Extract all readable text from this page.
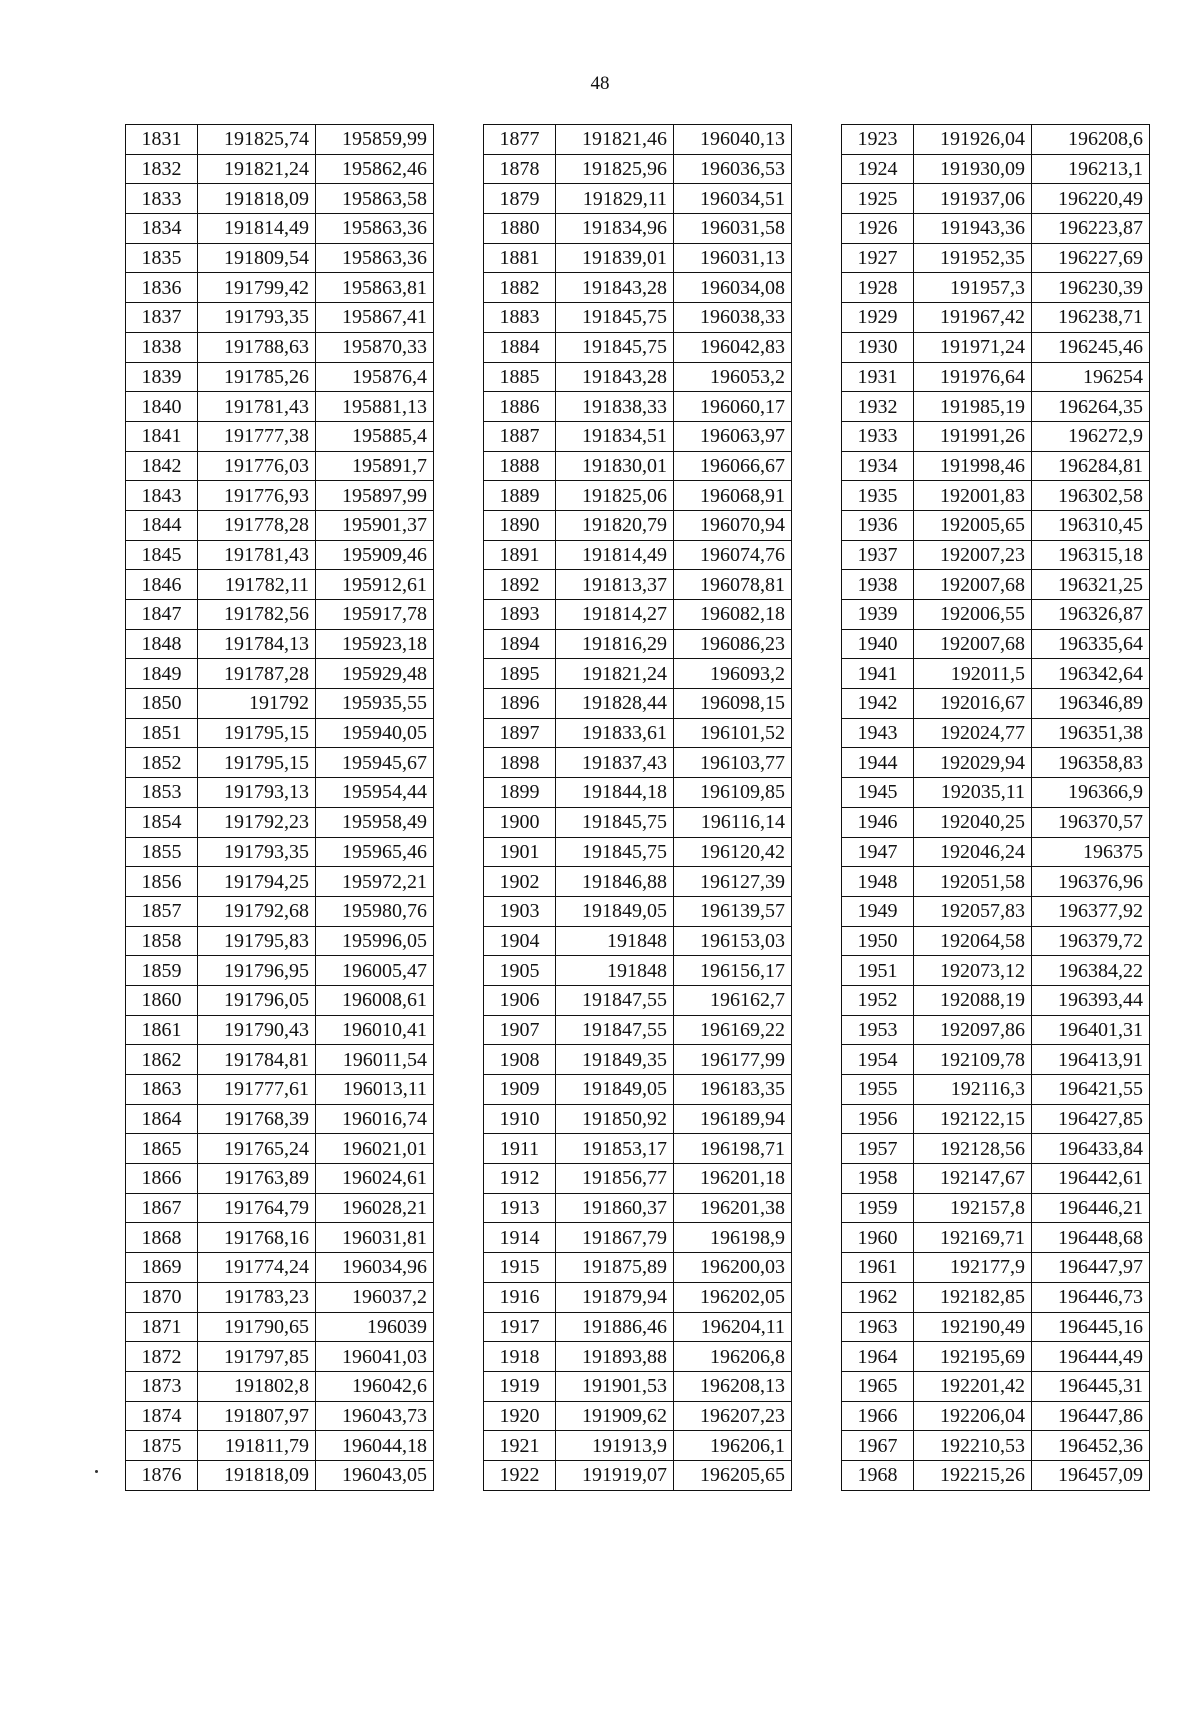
48
1831	191825,74	195859,99
1832	191821,24	195862,46
1833	191818,09	195863,58
1834	191814,49	195863,36
1835	191809,54	195863,36
1836	191799,42	195863,81
1837	191793,35	195867,41
1838	191788,63	195870,33
1839	191785,26	195876,4
1840	191781,43	195881,13
1841	191777,38	195885,4
1842	191776,03	195891,7
1843	191776,93	195897,99
1844	191778,28	195901,37
1845	191781,43	195909,46
1846	191782,11	195912,61
1847	191782,56	195917,78
1848	191784,13	195923,18
1849	191787,28	195929,48
1850	191792	195935,55
1851	191795,15	195940,05
1852	191795,15	195945,67
1853	191793,13	195954,44
1854	191792,23	195958,49
1855	191793,35	195965,46
1856	191794,25	195972,21
1857	191792,68	195980,76
1858	191795,83	195996,05
1859	191796,95	196005,47
1860	191796,05	196008,61
1861	191790,43	196010,41
1862	191784,81	196011,54
1863	191777,61	196013,11
1864	191768,39	196016,74
1865	191765,24	196021,01
1866	191763,89	196024,61
1867	191764,79	196028,21
1868	191768,16	196031,81
1869	191774,24	196034,96
1870	191783,23	196037,2
1871	191790,65	196039
1872	191797,85	196041,03
1873	191802,8	196042,6
1874	191807,97	196043,73
1875	191811,79	196044,18
1876	191818,09	196043,05
1877	191821,46	196040,13
1878	191825,96	196036,53
1879	191829,11	196034,51
1880	191834,96	196031,58
1881	191839,01	196031,13
1882	191843,28	196034,08
1883	191845,75	196038,33
1884	191845,75	196042,83
1885	191843,28	196053,2
1886	191838,33	196060,17
1887	191834,51	196063,97
1888	191830,01	196066,67
1889	191825,06	196068,91
1890	191820,79	196070,94
1891	191814,49	196074,76
1892	191813,37	196078,81
1893	191814,27	196082,18
1894	191816,29	196086,23
1895	191821,24	196093,2
1896	191828,44	196098,15
1897	191833,61	196101,52
1898	191837,43	196103,77
1899	191844,18	196109,85
1900	191845,75	196116,14
1901	191845,75	196120,42
1902	191846,88	196127,39
1903	191849,05	196139,57
1904	191848	196153,03
1905	191848	196156,17
1906	191847,55	196162,7
1907	191847,55	196169,22
1908	191849,35	196177,99
1909	191849,05	196183,35
1910	191850,92	196189,94
1911	191853,17	196198,71
1912	191856,77	196201,18
1913	191860,37	196201,38
1914	191867,79	196198,9
1915	191875,89	196200,03
1916	191879,94	196202,05
1917	191886,46	196204,11
1918	191893,88	196206,8
1919	191901,53	196208,13
1920	191909,62	196207,23
1921	191913,9	196206,1
1922	191919,07	196205,65
1923	191926,04	196208,6
1924	191930,09	196213,1
1925	191937,06	196220,49
1926	191943,36	196223,87
1927	191952,35	196227,69
1928	191957,3	196230,39
1929	191967,42	196238,71
1930	191971,24	196245,46
1931	191976,64	196254
1932	191985,19	196264,35
1933	191991,26	196272,9
1934	191998,46	196284,81
1935	192001,83	196302,58
1936	192005,65	196310,45
1937	192007,23	196315,18
1938	192007,68	196321,25
1939	192006,55	196326,87
1940	192007,68	196335,64
1941	192011,5	196342,64
1942	192016,67	196346,89
1943	192024,77	196351,38
1944	192029,94	196358,83
1945	192035,11	196366,9
1946	192040,25	196370,57
1947	192046,24	196375
1948	192051,58	196376,96
1949	192057,83	196377,92
1950	192064,58	196379,72
1951	192073,12	196384,22
1952	192088,19	196393,44
1953	192097,86	196401,31
1954	192109,78	196413,91
1955	192116,3	196421,55
1956	192122,15	196427,85
1957	192128,56	196433,84
1958	192147,67	196442,61
1959	192157,8	196446,21
1960	192169,71	196448,68
1961	192177,9	196447,97
1962	192182,85	196446,73
1963	192190,49	196445,16
1964	192195,69	196444,49
1965	192201,42	196445,31
1966	192206,04	196447,86
1967	192210,53	196452,36
1968	192215,26	196457,09
